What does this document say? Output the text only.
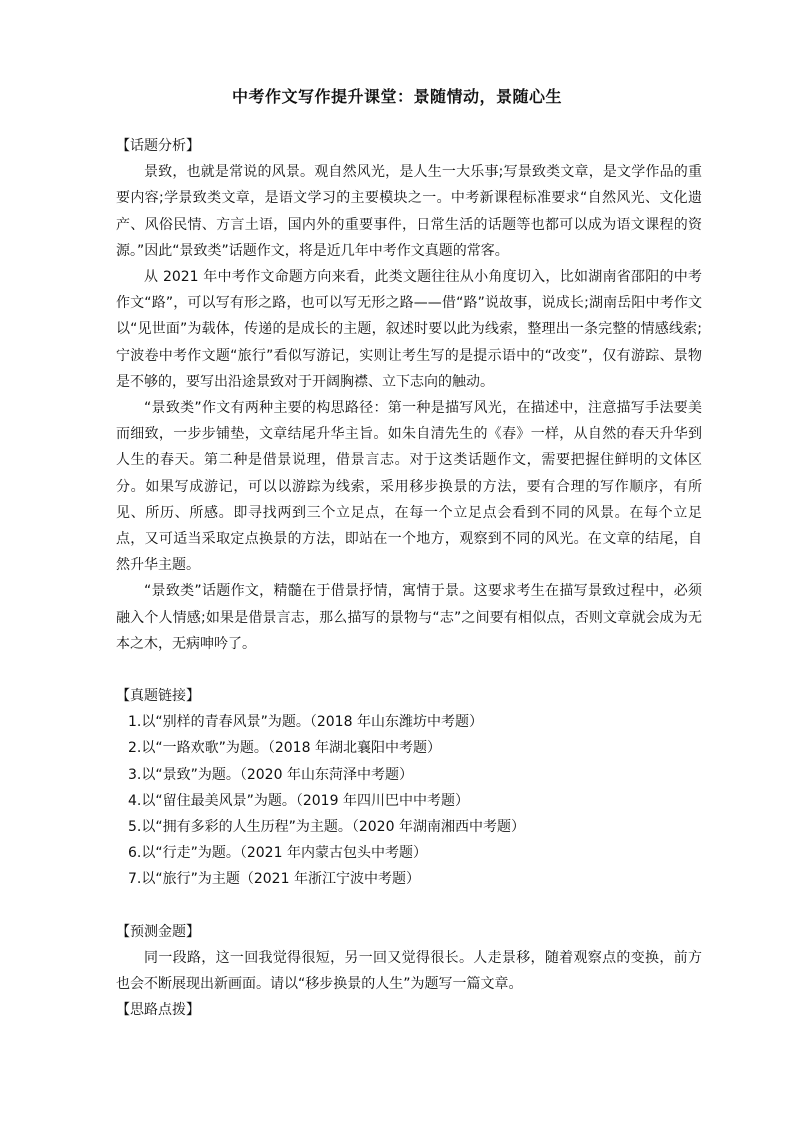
中考作文写作提升课堂：景随情动，景随心生

【话题分析】

景致，也就是常说的风景。观自然风光，是人生一大乐事;写景致类文章，是文学作品的重要内容;学景致类文章，是语文学习的主要模块之一。中考新课程标准要求“自然风光、文化遗产、风俗民情、方言土语，国内外的重要事件，日常生活的话题等也都可以成为语文课程的资源。”因此“景致类”话题作文，将是近几年中考作文真题的常客。

从 2021 年中考作文命题方向来看，此类文题往往从小角度切入，比如湖南省邵阳的中考作文“路”，可以写有形之路，也可以写无形之路——借“路”说故事，说成长;湖南岳阳中考作文以“见世面”为载体，传递的是成长的主题，叙述时要以此为线索，整理出一条完整的情感线索;宁波卷中考作文题“旅行”看似写游记，实则让考生写的是提示语中的“改变”，仅有游踪、景物是不够的，要写出沿途景致对于开阔胸襟、立下志向的触动。

“景致类”作文有两种主要的构思路径：第一种是描写风光，在描述中，注意描写手法要美而细致，一步步铺垫，文章结尾升华主旨。如朱自清先生的《春》一样，从自然的春天升华到人生的春天。第二种是借景说理，借景言志。对于这类话题作文，需要把握住鲜明的文体区分。如果写成游记，可以以游踪为线索，采用移步换景的方法，要有合理的写作顺序，有所见、所历、所感。即寻找两到三个立足点，在每一个立足点会看到不同的风景。在每个立足点，又可适当采取定点换景的方法，即站在一个地方，观察到不同的风光。在文章的结尾，自然升华主题。

“景致类”话题作文，精髓在于借景抒情，寓情于景。这要求考生在描写景致过程中，必须融入个人情感;如果是借景言志，那么描写的景物与“志”之间要有相似点，否则文章就会成为无本之木，无病呻吟了。

【真题链接】

1.以“别样的青春风景”为题。（2018 年山东潍坊中考题）

2.以“一路欢歌”为题。（2018 年湖北襄阳中考题）

3.以“景致”为题。（2020 年山东菏泽中考题）

4.以“留住最美风景”为题。（2019 年四川巴中中考题）

5.以“拥有多彩的人生历程”为主题。（2020 年湖南湘西中考题）

6.以“行走”为题。（2021 年内蒙古包头中考题）

7.以“旅行”为主题（2021 年浙江宁波中考题）

【预测金题】

同一段路，这一回我觉得很短，另一回又觉得很长。人走景移，随着观察点的变换，前方也会不断展现出新画面。请以“移步换景的人生”为题写一篇文章。

【思路点拨】
